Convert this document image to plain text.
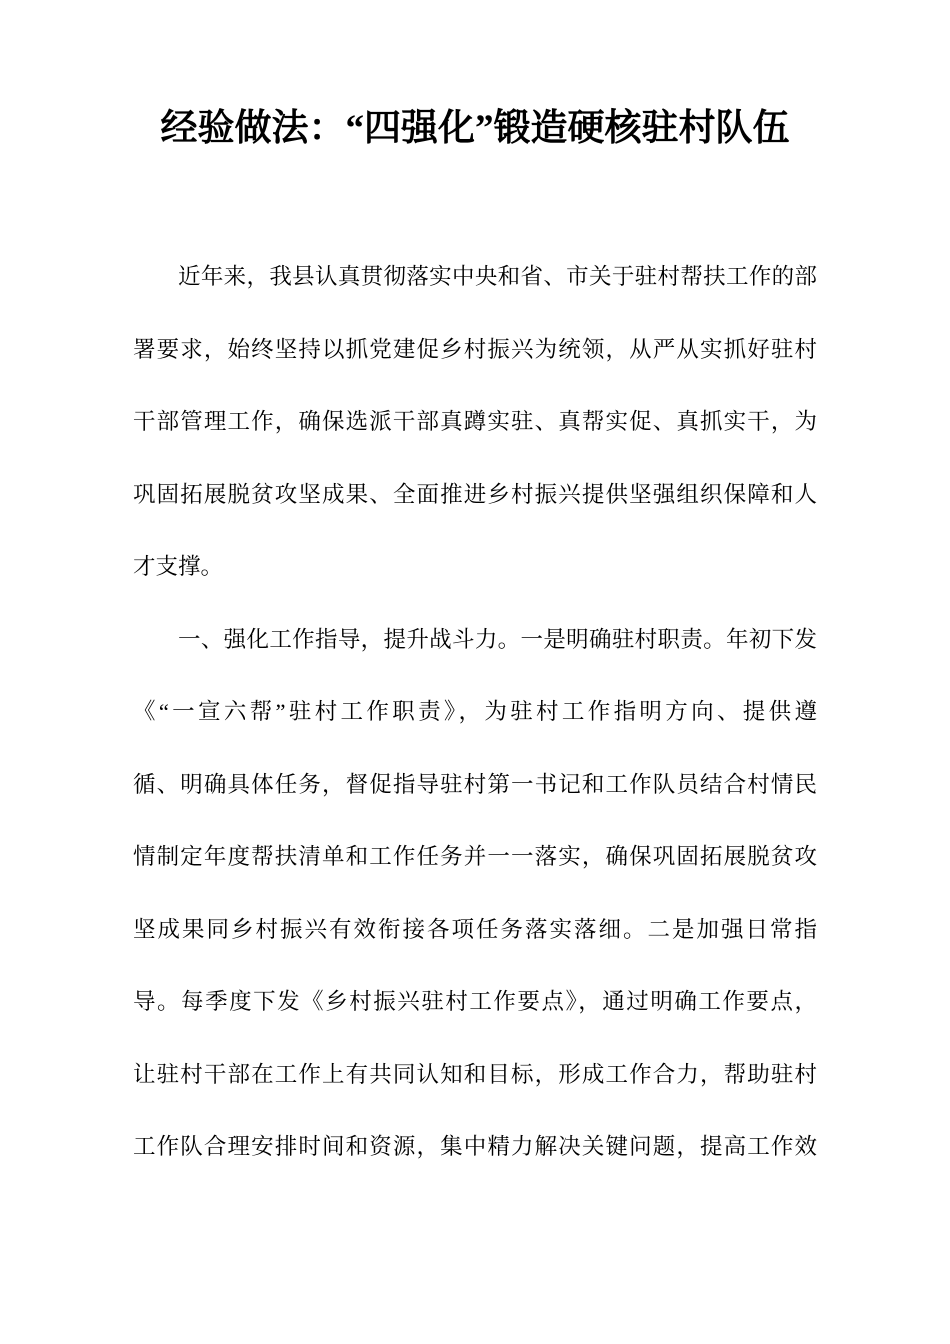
经验做法：“四强化”锻造硬核驻村队伍
近年来，我县认真贯彻落实中央和省、市关于驻村帮扶工作的部
署要求，始终坚持以抓党建促乡村振兴为统领，从严从实抓好驻村
干部管理工作，确保选派干部真蹲实驻、真帮实促、真抓实干，为
巩固拓展脱贫攻坚成果、全面推进乡村振兴提供坚强组织保障和人
才支撑。
一、强化工作指导，提升战斗力。一是明确驻村职责。年初下发
《“一宣六帮”驻村工作职责》，为驻村工作指明方向、提供遵
循、明确具体任务，督促指导驻村第一书记和工作队员结合村情民
情制定年度帮扶清单和工作任务并一一落实，确保巩固拓展脱贫攻
坚成果同乡村振兴有效衔接各项任务落实落细。二是加强日常指
导。每季度下发《乡村振兴驻村工作要点》，通过明确工作要点，
让驻村干部在工作上有共同认知和目标，形成工作合力，帮助驻村
工作队合理安排时间和资源，集中精力解决关键问题，提高工作效
